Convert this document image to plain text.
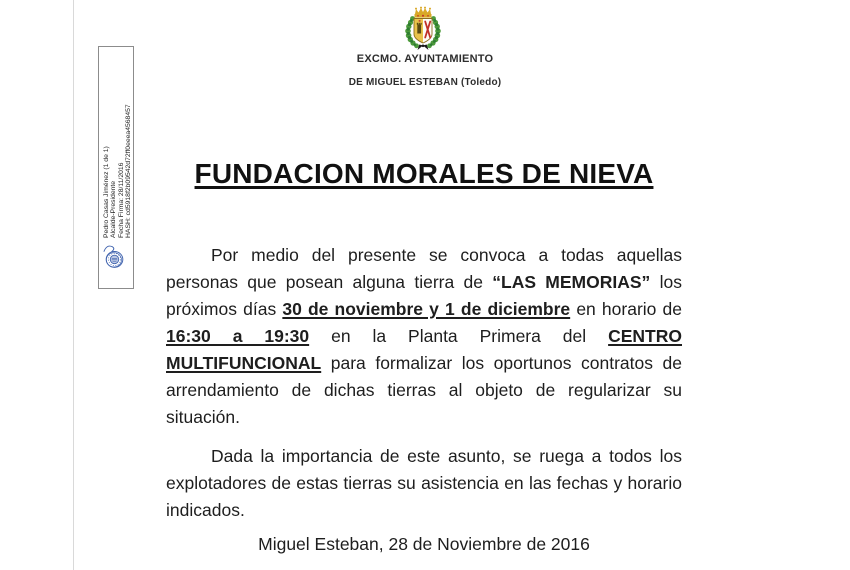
Pedro Casas Jiménez (1 de 1) Alcalde-Presidente Fecha Firma: 28/11/2016 HASH: cd5918f2b09542d72ff0eeea4568457
EXCMO. AYUNTAMIENTO
DE MIGUEL ESTEBAN (Toledo)
FUNDACION MORALES DE NIEVA

Por medio del presente se convoca a todas aquellas personas que posean alguna tierra de “LAS MEMORIAS” los próximos días 30 de noviembre y 1 de diciembre en horario de 16:30 a 19:30 en la Planta Primera del CENTRO MULTIFUNCIONAL para formalizar los oportunos contratos de arrendamiento de dichas tierras al objeto de regularizar su situación.

Dada la importancia de este asunto, se ruega a todos los explotadores de estas tierras su asistencia en las fechas y horario indicados.

Miguel Esteban, 28 de Noviembre de 2016
